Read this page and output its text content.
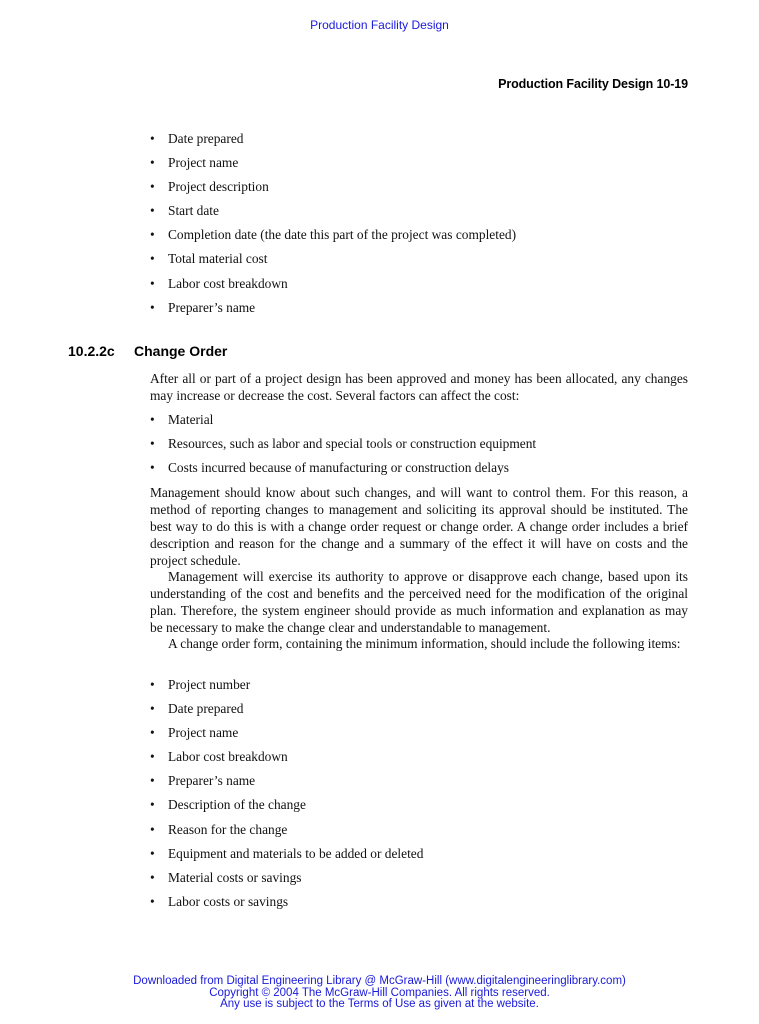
Production Facility Design
Production Facility Design 10-19
• Date prepared
• Project name
• Project description
• Start date
• Completion date (the date this part of the project was completed)
• Total material cost
• Labor cost breakdown
• Preparer’s name
10.2.2c Change Order

After all or part of a project design has been approved and money has been allocated, any changes may increase or decrease the cost. Several factors can affect the cost:

• Material
• Resources, such as labor and special tools or construction equipment
• Costs incurred because of manufacturing or construction delays

Management should know about such changes, and will want to control them. For this reason, a method of reporting changes to management and soliciting its approval should be instituted. The best way to do this is with a change order request or change order. A change order includes a brief description and reason for the change and a summary of the effect it will have on costs and the project schedule.

Management will exercise its authority to approve or disapprove each change, based upon its understanding of the cost and benefits and the perceived need for the modification of the original plan. Therefore, the system engineer should provide as much information and explanation as may be necessary to make the change clear and understandable to management.

A change order form, containing the minimum information, should include the following items:

• Project number
• Date prepared
• Project name
• Labor cost breakdown
• Preparer’s name
• Description of the change
• Reason for the change
• Equipment and materials to be added or deleted
• Material costs or savings
• Labor costs or savings
Downloaded from Digital Engineering Library @ McGraw-Hill (www.digitalengineeringlibrary.com)
Copyright © 2004 The McGraw-Hill Companies. All rights reserved.
Any use is subject to the Terms of Use as given at the website.
